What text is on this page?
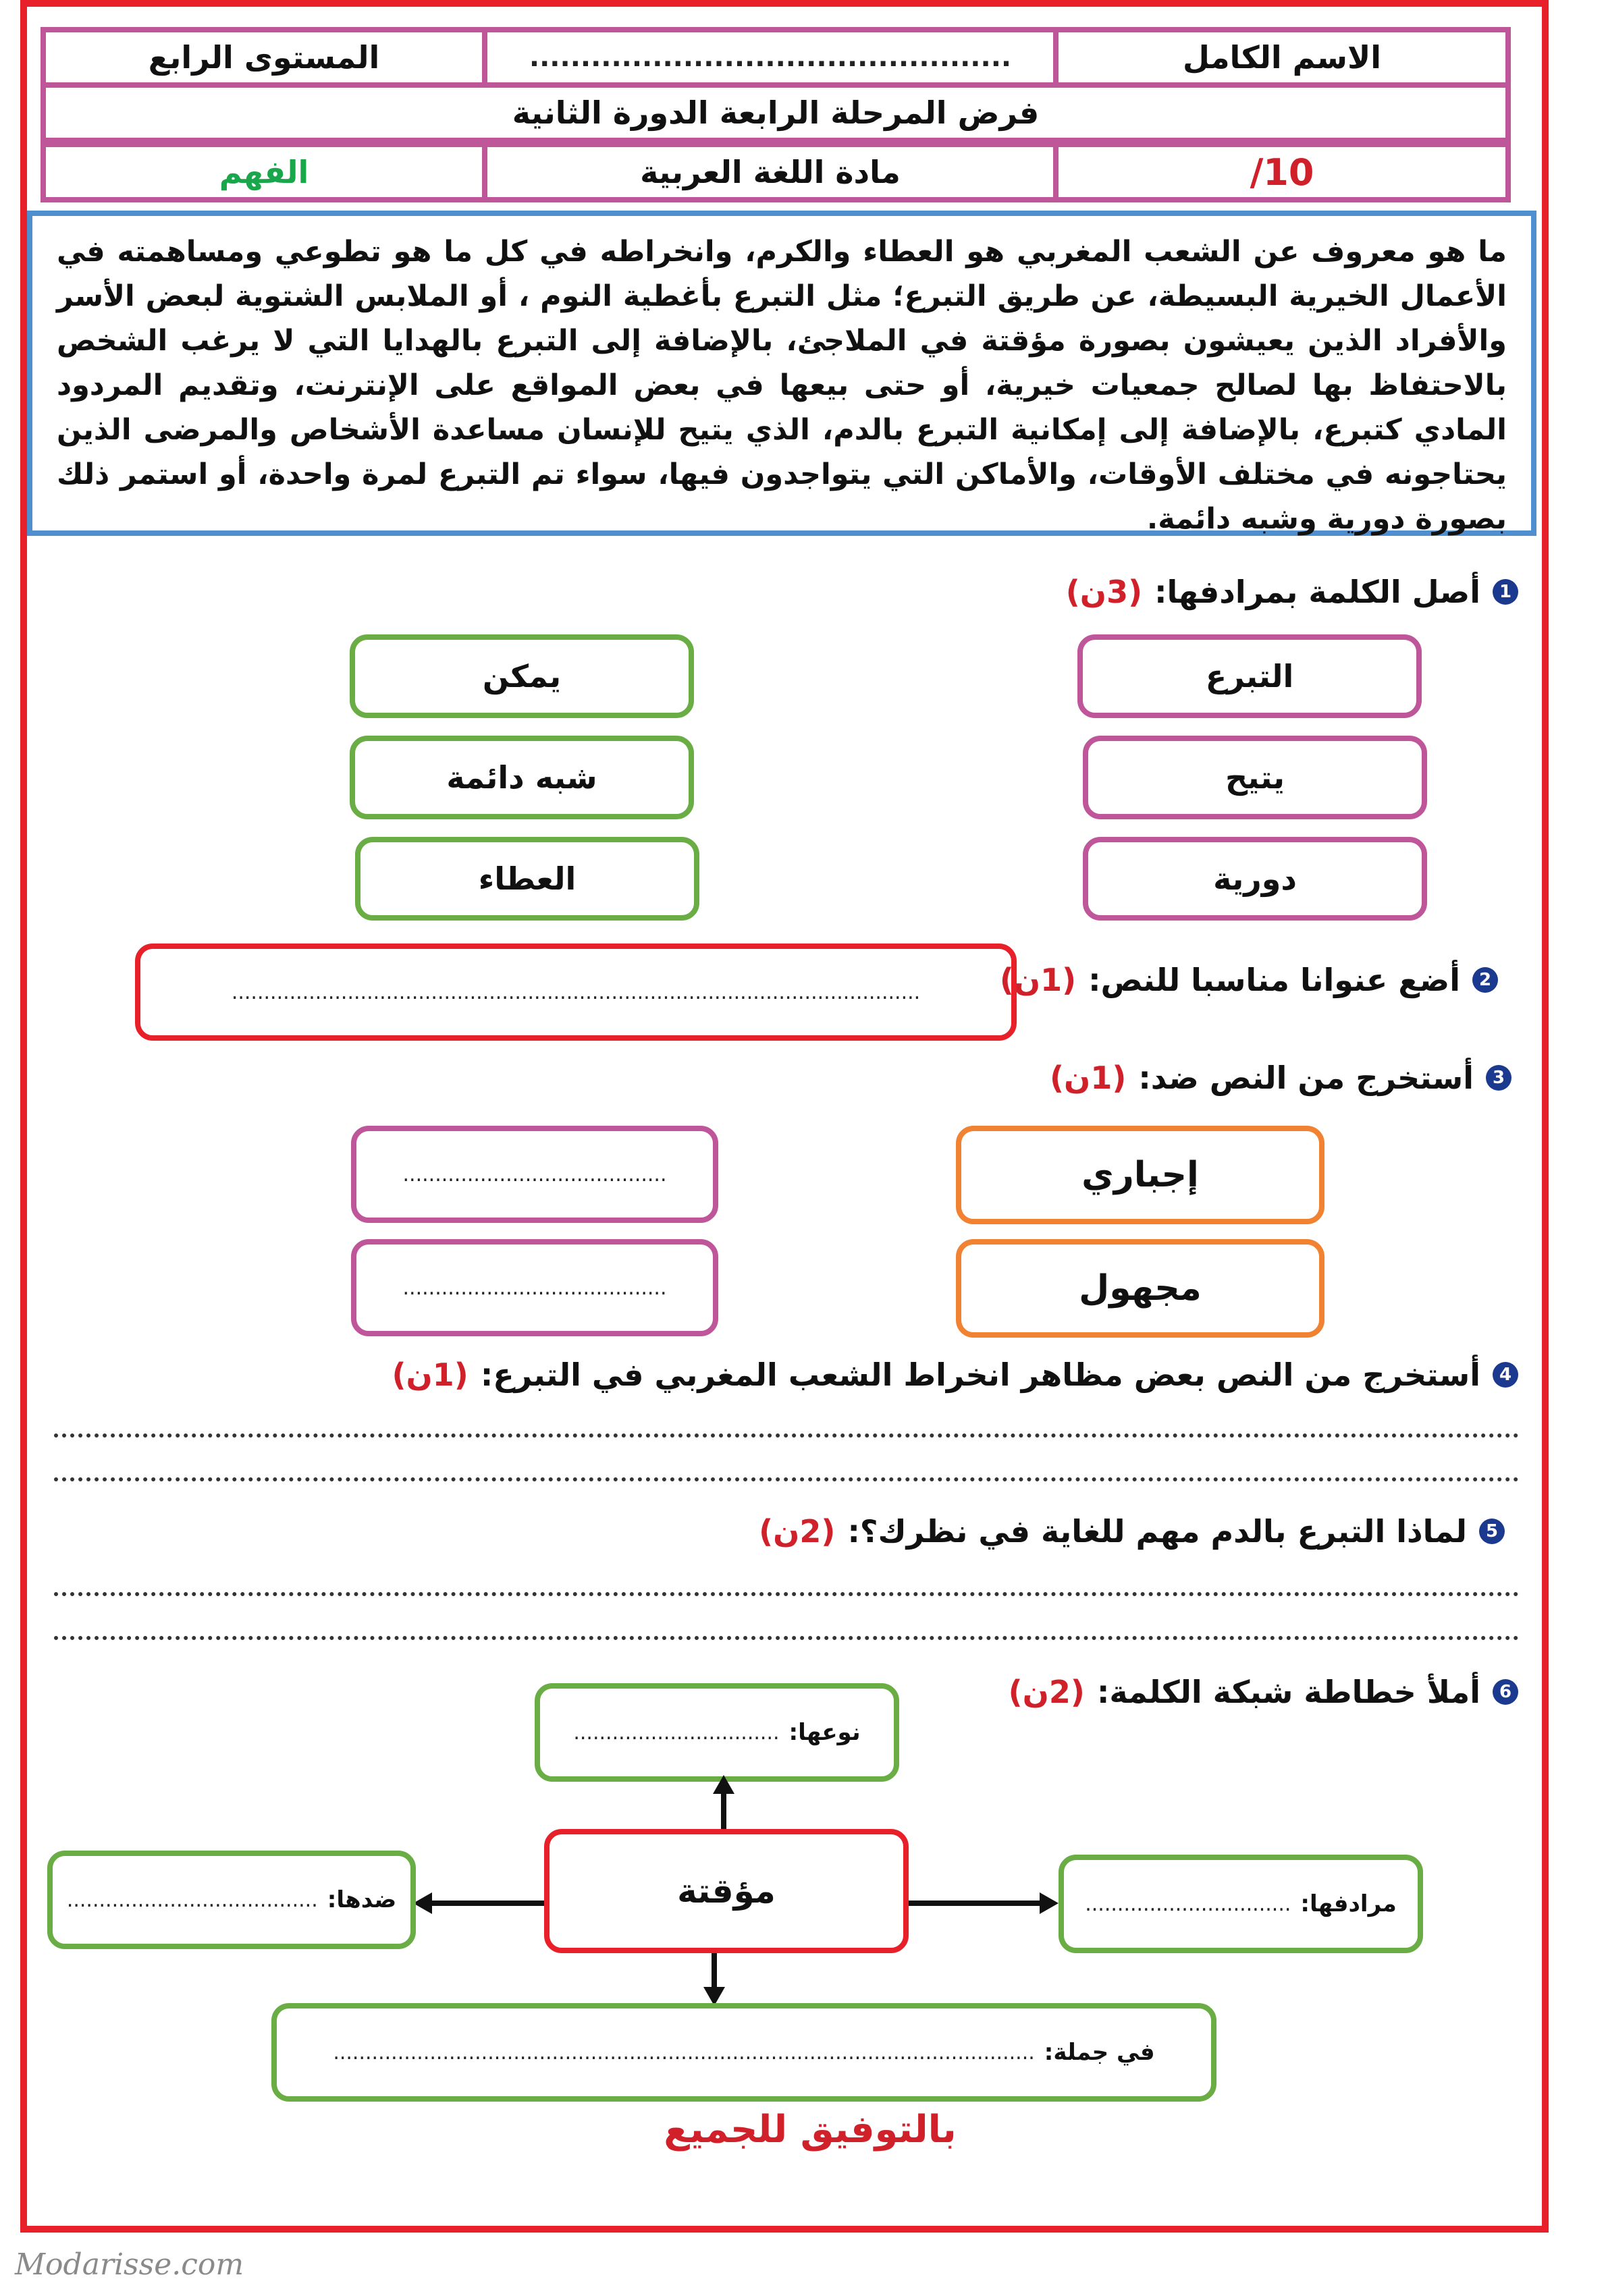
الاسم الكامل
...............................................
المستوى الرابع
فرض المرحلة الرابعة الدورة الثانية
/10
مادة اللغة العربية
الفهم
ما هو معروف عن الشعب المغربي هو العطاء والكرم، وانخراطه في كل ما هو تطوعي ومساهمته في الأعمال الخيرية البسيطة، عن طريق التبرع؛ مثل التبرع بأغطية النوم ، أو الملابس الشتوية لبعض الأسر والأفراد الذين يعيشون بصورة مؤقتة في الملاجئ، بالإضافة إلى التبرع بالهدايا التي لا يرغب الشخص بالاحتفاظ بها لصالح جمعيات خيرية، أو حتى بيعها في بعض المواقع على الإنترنت، وتقديم المردود المادي كتبرع، بالإضافة إلى إمكانية التبرع بالدم، الذي يتيح للإنسان مساعدة الأشخاص والمرضى الذين يحتاجونه في مختلف الأوقات، والأماكن التي يتواجدون فيها، سواء تم التبرع لمرة واحدة، أو استمر ذلك بصورة دورية وشبه دائمة.
1
أصل الكلمة بمرادفها:
(3ن)
التبرع
يتيح
دورية
يمكن
شبه دائمة
العطاء
2
أضع عنوانا مناسبا للنص:
(1ن)
...........................................................................................................
3
أستخرج من النص ضد:
(1ن)
إجباري
مجهول
.........................................
.........................................
4
أستخرج من النص بعض مظاهر انخراط الشعب المغربي في التبرع:
(1ن)
5
لماذا التبرع بالدم مهم للغاية في نظرك؟:
(2ن)
6
أملأ خطاطة شبكة الكلمة:
(2ن)
نوعها:
................................
مؤقتة	مرادفها:
................................
ضدها:
.......................................
في جملة:
.............................................................................................................
بالتوفيق للجميع
Modarisse.com
